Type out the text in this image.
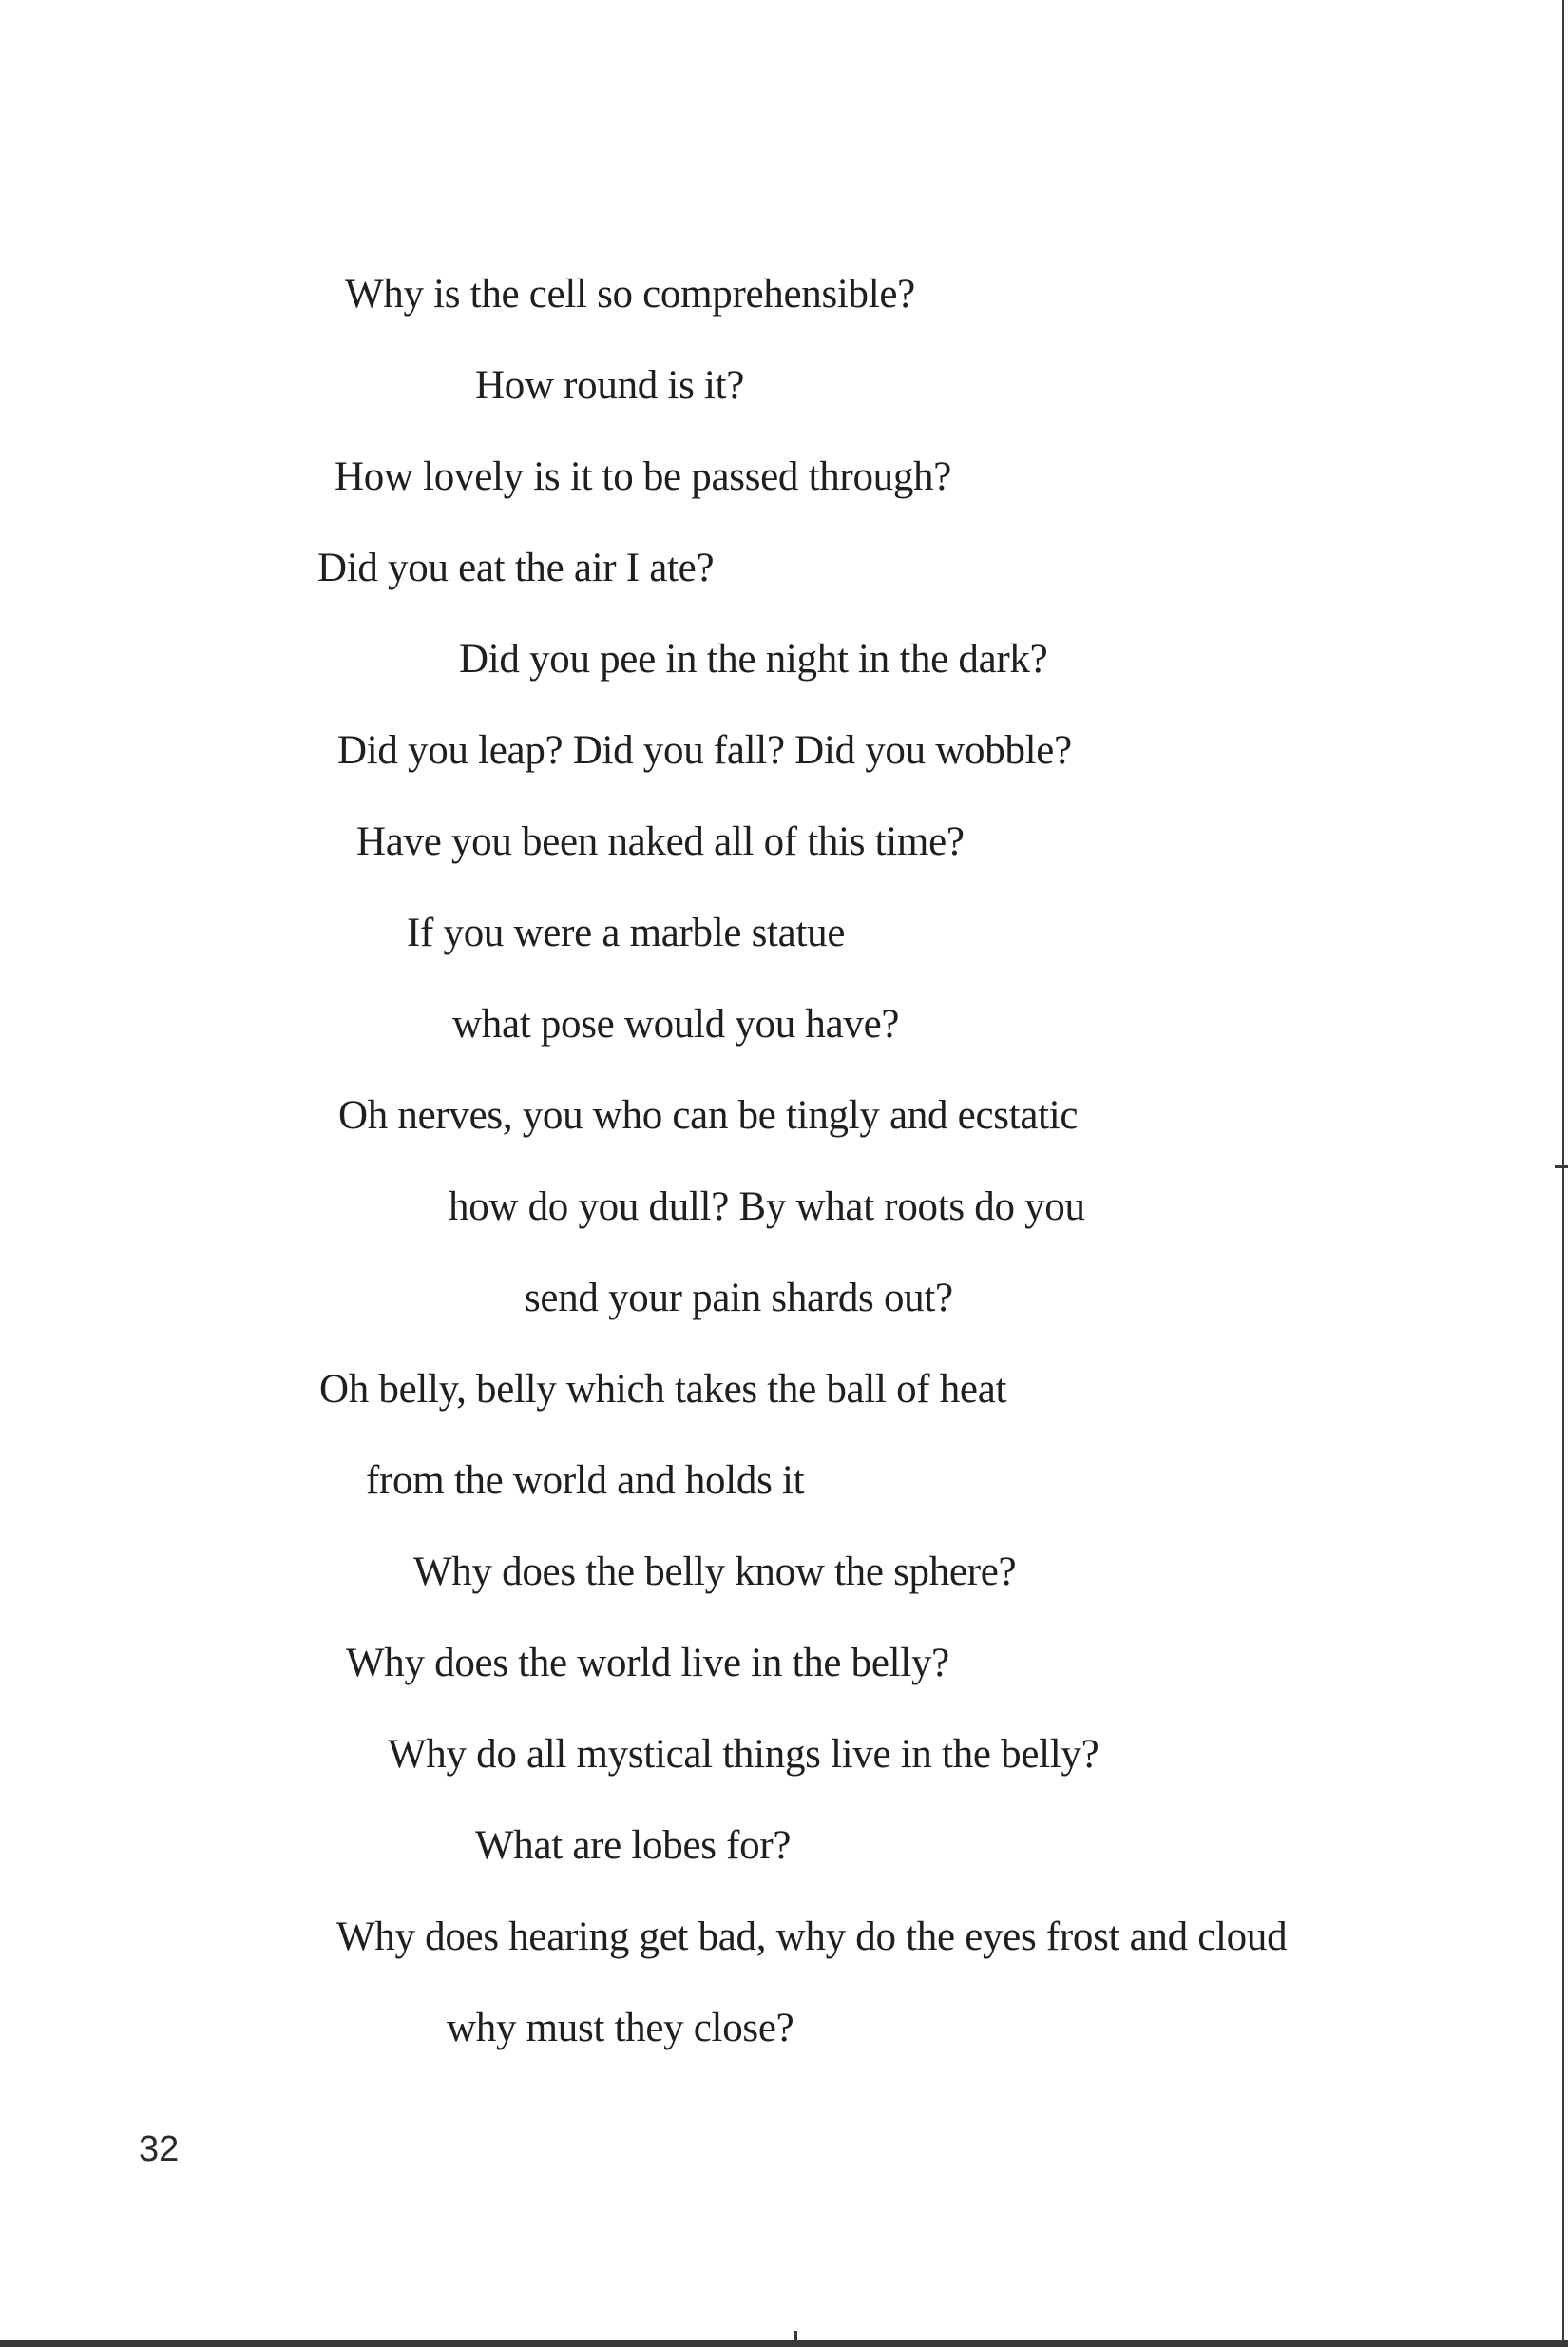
Why is the cell so comprehensible?
How round is it?
How lovely is it to be passed through?
Did you eat the air I ate?
Did you pee in the night in the dark?
Did you leap? Did you fall? Did you wobble?
Have you been naked all of this time?
If you were a marble statue
what pose would you have?
Oh nerves, you who can be tingly and ecstatic
how do you dull? By what roots do you
send your pain shards out?
Oh belly, belly which takes the ball of heat
from the world and holds it
Why does the belly know the sphere?
Why does the world live in the belly?
Why do all mystical things live in the belly?
What are lobes for?
Why does hearing get bad, why do the eyes frost and cloud
why must they close?
32
